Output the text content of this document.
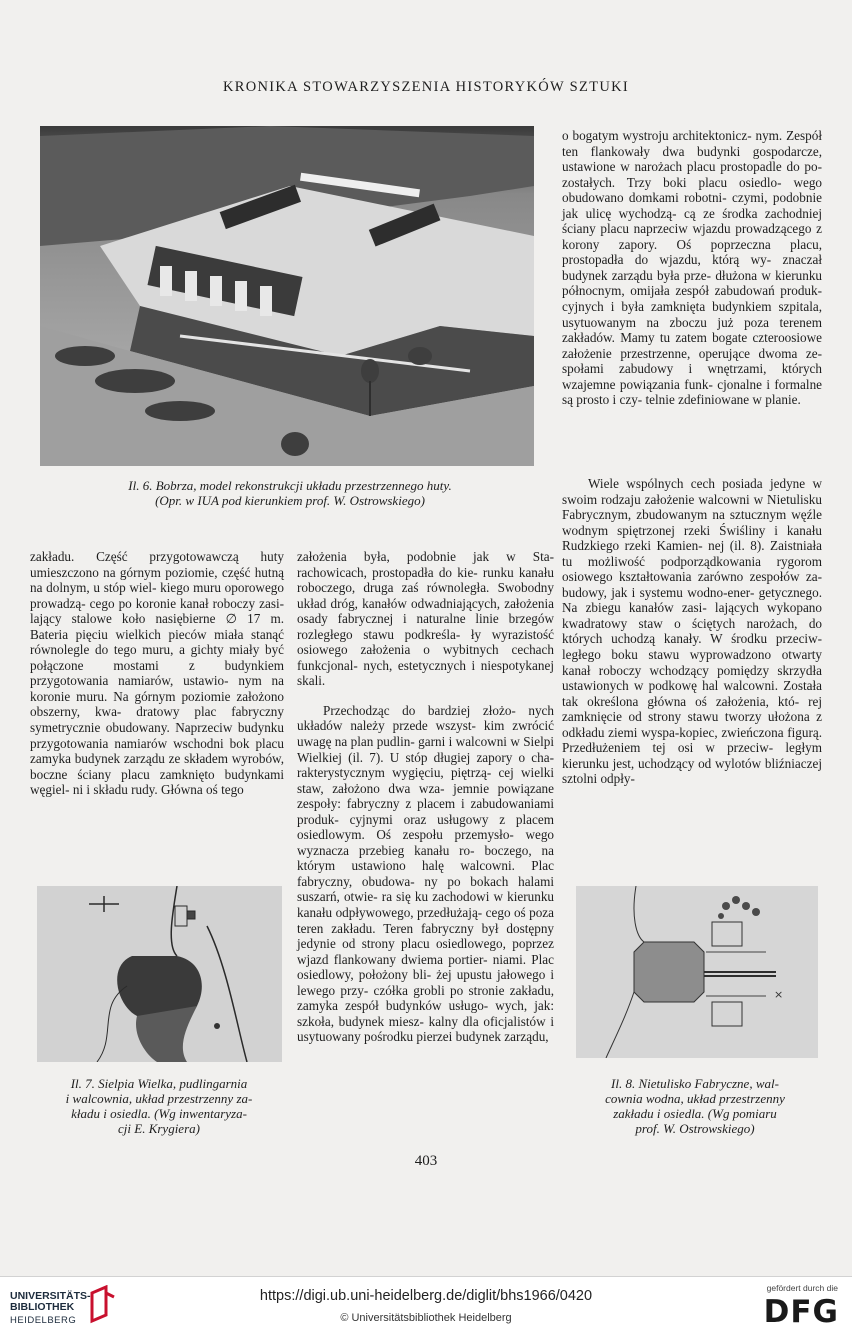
KRONIKA STOWARZYSZENIA HISTORYKÓW SZTUKI

o bogatym wystroju architektonicz- nym. Zespół ten flankowały dwa budynki gospodarcze, ustawione w narożach placu prostopadle do po- zostałych. Trzy boki placu osiedlo- wego obudowano domkami robotni- czymi, podobnie jak ulicę wychodzą- cą ze środka zachodniej ściany placu naprzeciw wjazdu prowadzącego z korony zapory. Oś poprzeczna placu, prostopadła do wjazdu, którą wy- znaczał budynek zarządu była prze- dłużona w kierunku północnym, omijała zespół zabudowań produk- cyjnych i była zamknięta budynkiem szpitala, usytuowanym na zboczu już poza terenem zakładów. Mamy tu zatem bogate czteroosiowe założenie przestrzenne, operujące dwoma ze- społami zabudowy i wnętrzami, których wzajemne powiązania funk- cjonalne i formalne są prosto i czy- telnie zdefiniowane w planie.

Il. 6. Bobrza, model rekonstrukcji układu przestrzennego huty.
(Opr. w IUA pod kierunkiem prof. W. Ostrowskiego)

Wiele wspólnych cech posiada jedyne w swoim rodzaju założenie walcowni w Nietulisku Fabrycznym, zbudowanym na sztucznym węźle wodnym spiętrzonej rzeki Świśliny i kanału Rudzkiego rzeki Kamien- nej (il. 8). Zaistniała tu możliwość podporządkowania rygorom osiowego kształtowania zarówno zespołów za- budowy, jak i systemu wodno-ener- getycznego. Na zbiegu kanałów zasi- lających wykopano kwadratowy staw o ściętych narożach, do których uchodzą kanały. W środku przeciw- ległego boku stawu wyprowadzono otwarty kanał roboczy wchodzący pomiędzy skrzydła ustawionych w podkowę hal walcowni. Została tak określona główna oś założenia, któ- rej zamknięcie od strony stawu tworzy ułożona z odkładu ziemi wyspa-kopiec, zwieńczona figurą. Przedłużeniem tej osi w przeciw- ległym kierunku jest, uchodzący od wylotów bliźniaczej sztolni odpły-

zakładu. Część przygotowawczą huty umieszczono na górnym poziomie, część hutną na dolnym, u stóp wiel- kiego muru oporowego prowadzą- cego po koronie kanał roboczy zasi- lający stalowe koło nasiębierne ∅ 17 m. Bateria pięciu wielkich pieców miała stanąć równolegle do tego muru, a gichty miały być połączone mostami z budynkiem przygotowania namiarów, ustawio- nym na koronie muru. Na górnym poziomie założono obszerny, kwa- dratowy plac fabryczny symetrycznie obudowany. Naprzeciw budynku przygotowania namiarów wschodni bok placu zamyka budynek zarządu ze składem wyrobów, boczne ściany placu zamknięto budynkami węgiel- ni i składu rudy. Główna oś tego

założenia była, podobnie jak w Sta- rachowicach, prostopadła do kie- runku kanału roboczego, druga zaś równoległa. Swobodny układ dróg, kanałów odwadniających, założenia osady fabrycznej i naturalne linie brzegów rozległego stawu podkreśla- ły wyrazistość osiowego założenia o wybitnych cechach funkcjonal- nych, estetycznych i niespotykanej skali.

Przechodząc do bardziej złożo- nych układów należy przede wszyst- kim zwrócić uwagę na plan pudlin- garni i walcowni w Sielpi Wielkiej (il. 7). U stóp długiej zapory o cha- rakterystycznym wygięciu, piętrzą- cej wielki staw, założono dwa wza- jemnie powiązane zespoły: fabryczny z placem i zabudowaniami produk- cyjnymi oraz usługowy z placem osiedlowym. Oś zespołu przemysło- wego wyznacza przebieg kanału ro- boczego, na którym ustawiono halę walcowni. Plac fabryczny, obudowa- ny po bokach halami suszarń, otwie- ra się ku zachodowi w kierunku kanału odpływowego, przedłużają- cego oś poza teren zakładu. Teren fabryczny był dostępny jedynie od strony placu osiedlowego, poprzez wjazd flankowany dwiema portier- niami. Plac osiedlowy, położony bli- żej upustu jałowego i lewego przy- czółka grobli po stronie zakładu, zamyka zespół budynków usługo- wych, jak: szkoła, budynek miesz- kalny dla oficjalistów i usytuowany pośrodku pierzei budynek zarządu,

×
Il. 7. Sielpia Wielka, pudlingarnia
i walcownia, układ przestrzenny za-
kładu i osiedla. (Wg inwentaryza-
cji E. Krygiera)
Il. 8. Nietulisko Fabryczne, wal-
cownia wodna, układ przestrzenny
zakładu i osiedla. (Wg pomiaru
prof. W. Ostrowskiego)
403
UNIVERSITÄTS-
BIBLIOTHEK
HEIDELBERG
https://digi.ub.uni-heidelberg.de/diglit/bhs1966/0420
© Universitätsbibliothek Heidelberg
gefördert durch die
DFG
